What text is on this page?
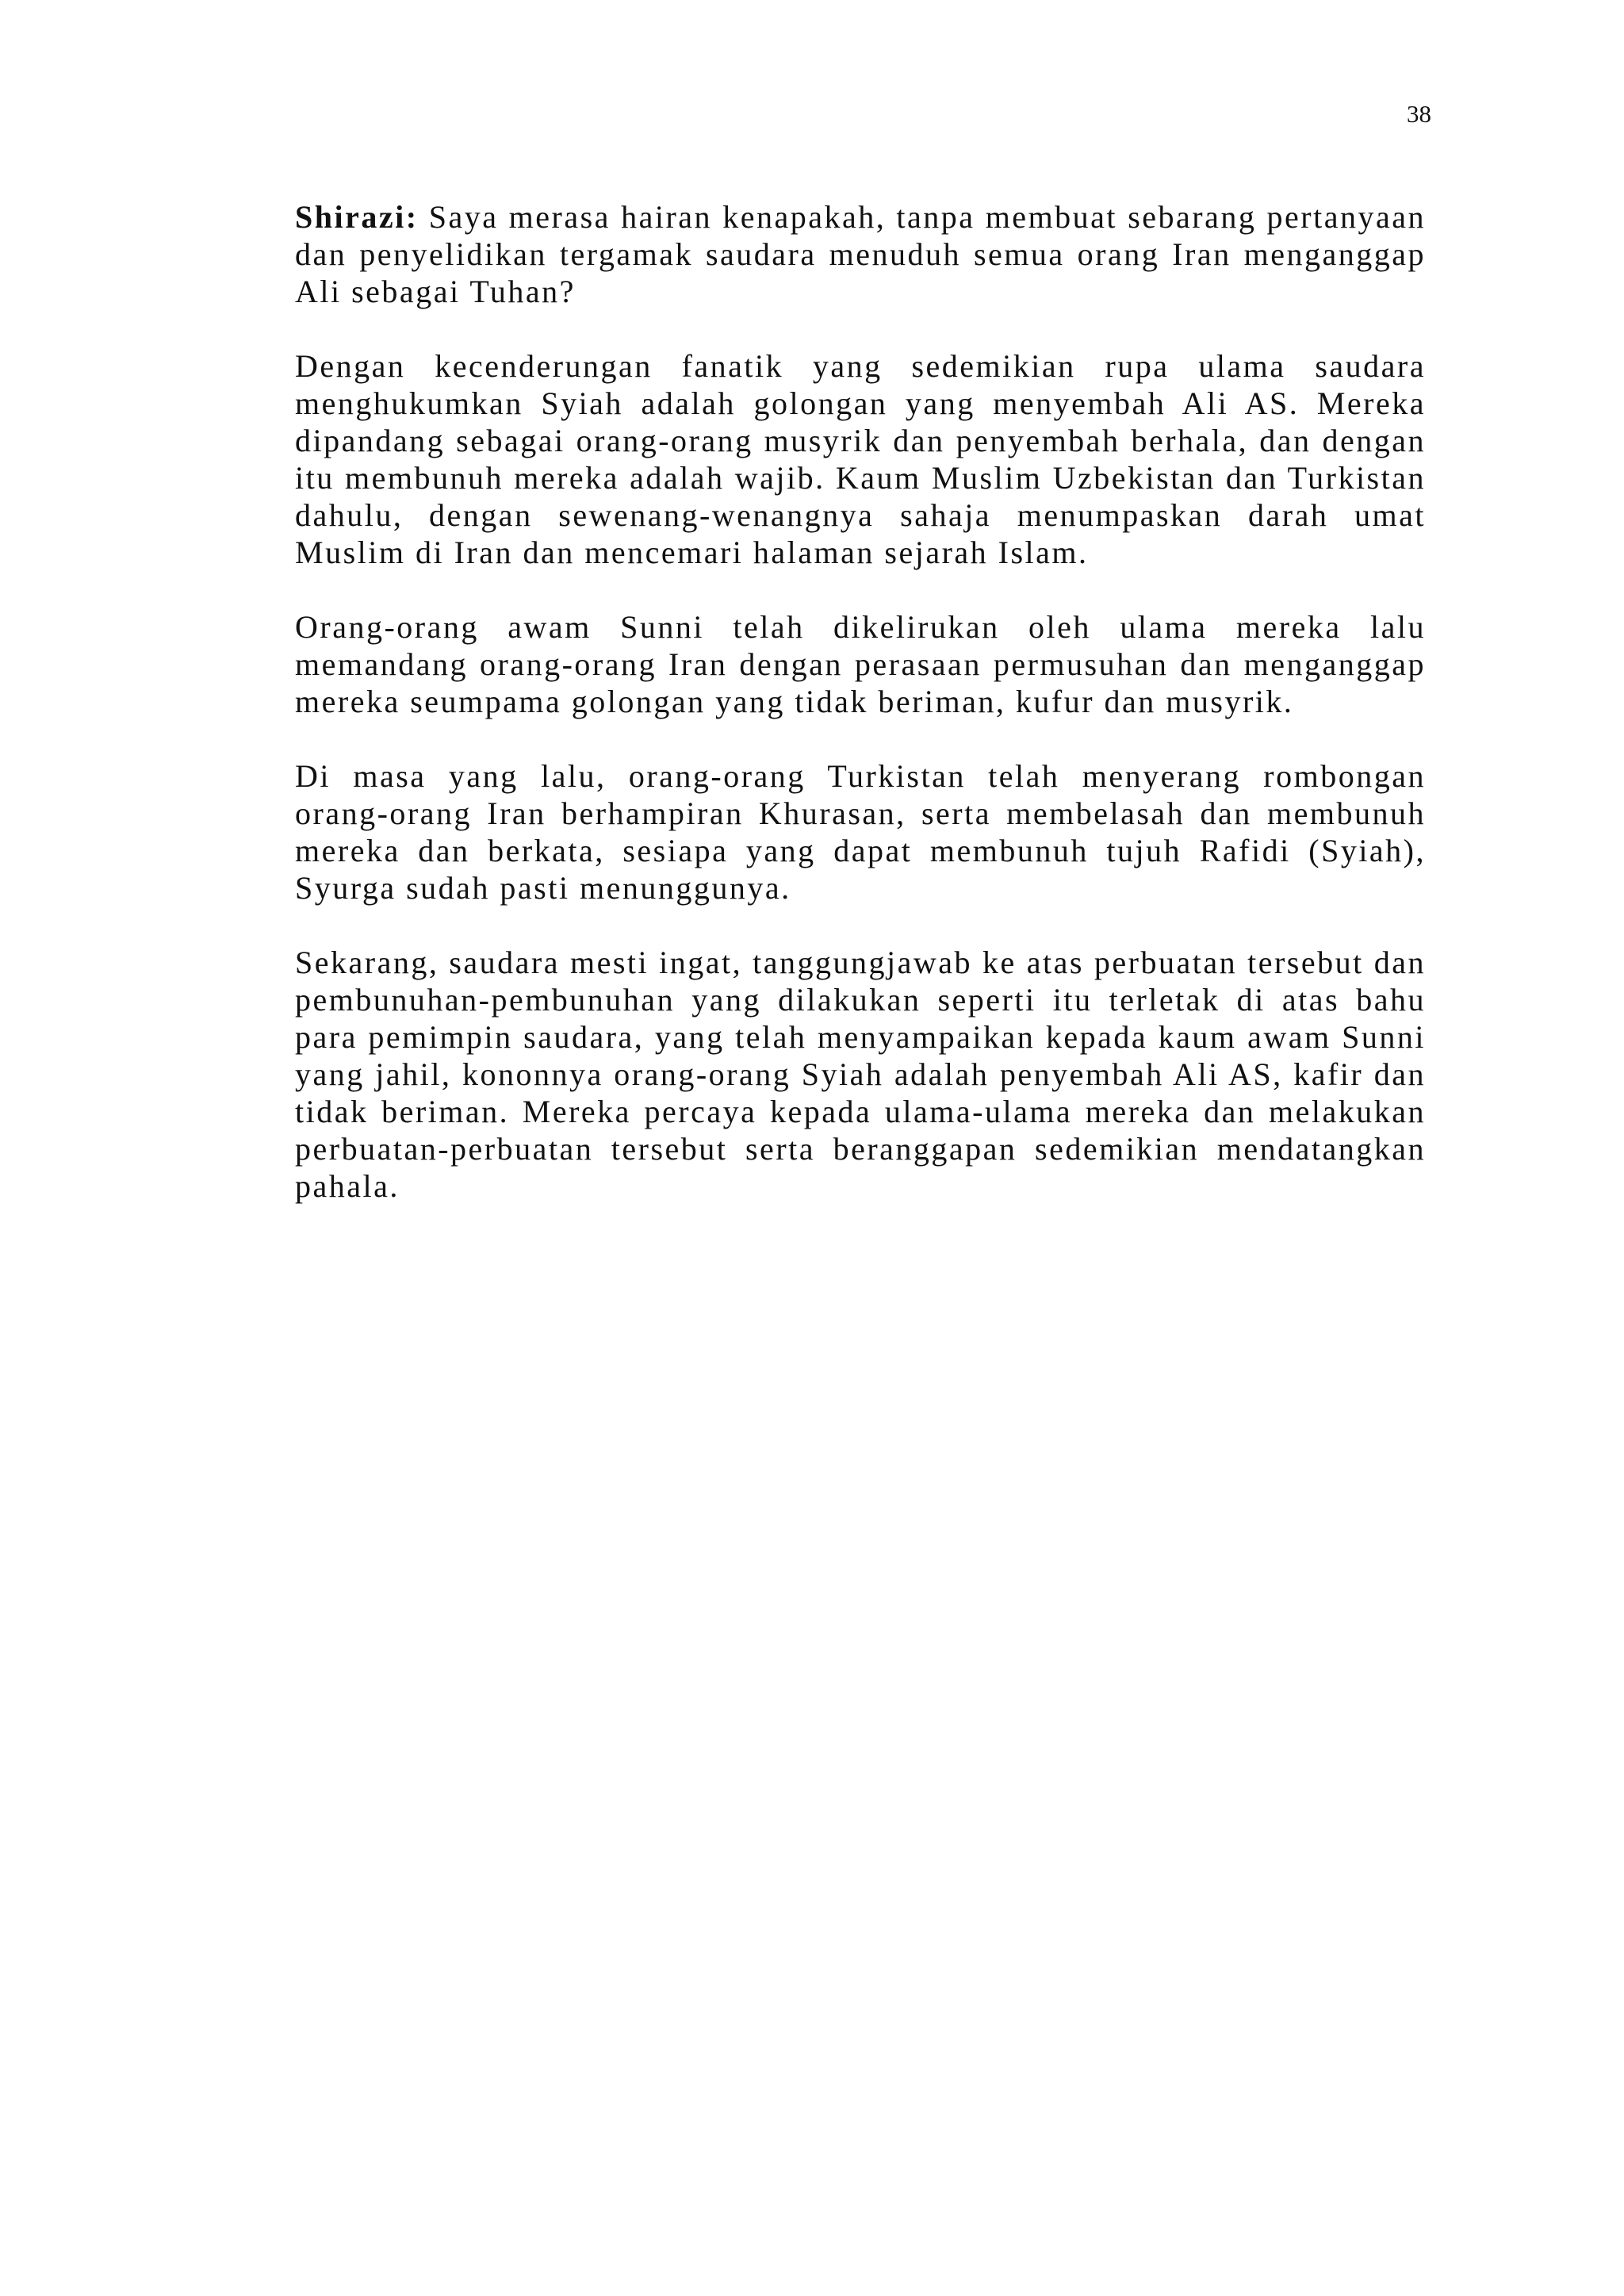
38

Shirazi: Saya merasa hairan kenapakah, tanpa membuat sebarang pertanyaan dan penyelidikan tergamak saudara menuduh semua orang Iran menganggap Ali sebagai Tuhan?

Dengan kecenderungan fanatik yang sedemikian rupa ulama saudara menghukumkan Syiah adalah golongan yang menyembah Ali AS. Mereka dipandang sebagai orang-orang musyrik dan penyembah berhala, dan dengan itu membunuh mereka adalah wajib. Kaum Muslim Uzbekistan dan Turkistan dahulu, dengan sewenang-wenangnya sahaja menumpaskan darah umat Muslim di Iran dan mencemari halaman sejarah Islam.

Orang-orang awam Sunni telah dikelirukan oleh ulama mereka lalu memandang orang-orang Iran dengan perasaan permusuhan dan menganggap mereka seumpama golongan yang tidak beriman, kufur dan musyrik.

Di masa yang lalu, orang-orang Turkistan telah menyerang rombongan orang-orang Iran berhampiran Khurasan, serta membelasah dan membunuh mereka dan berkata, sesiapa yang dapat membunuh tujuh Rafidi (Syiah), Syurga sudah pasti menunggunya.

Sekarang, saudara mesti ingat, tanggungjawab ke atas perbuatan tersebut dan pembunuhan-pembunuhan yang dilakukan seperti itu terletak di atas bahu para pemimpin saudara, yang telah menyampaikan kepada kaum awam Sunni yang jahil, kononnya orang-orang Syiah adalah penyembah Ali AS, kafir dan tidak beriman. Mereka percaya kepada ulama-ulama mereka dan melakukan perbuatan-perbuatan tersebut serta beranggapan sedemikian mendatangkan pahala.
